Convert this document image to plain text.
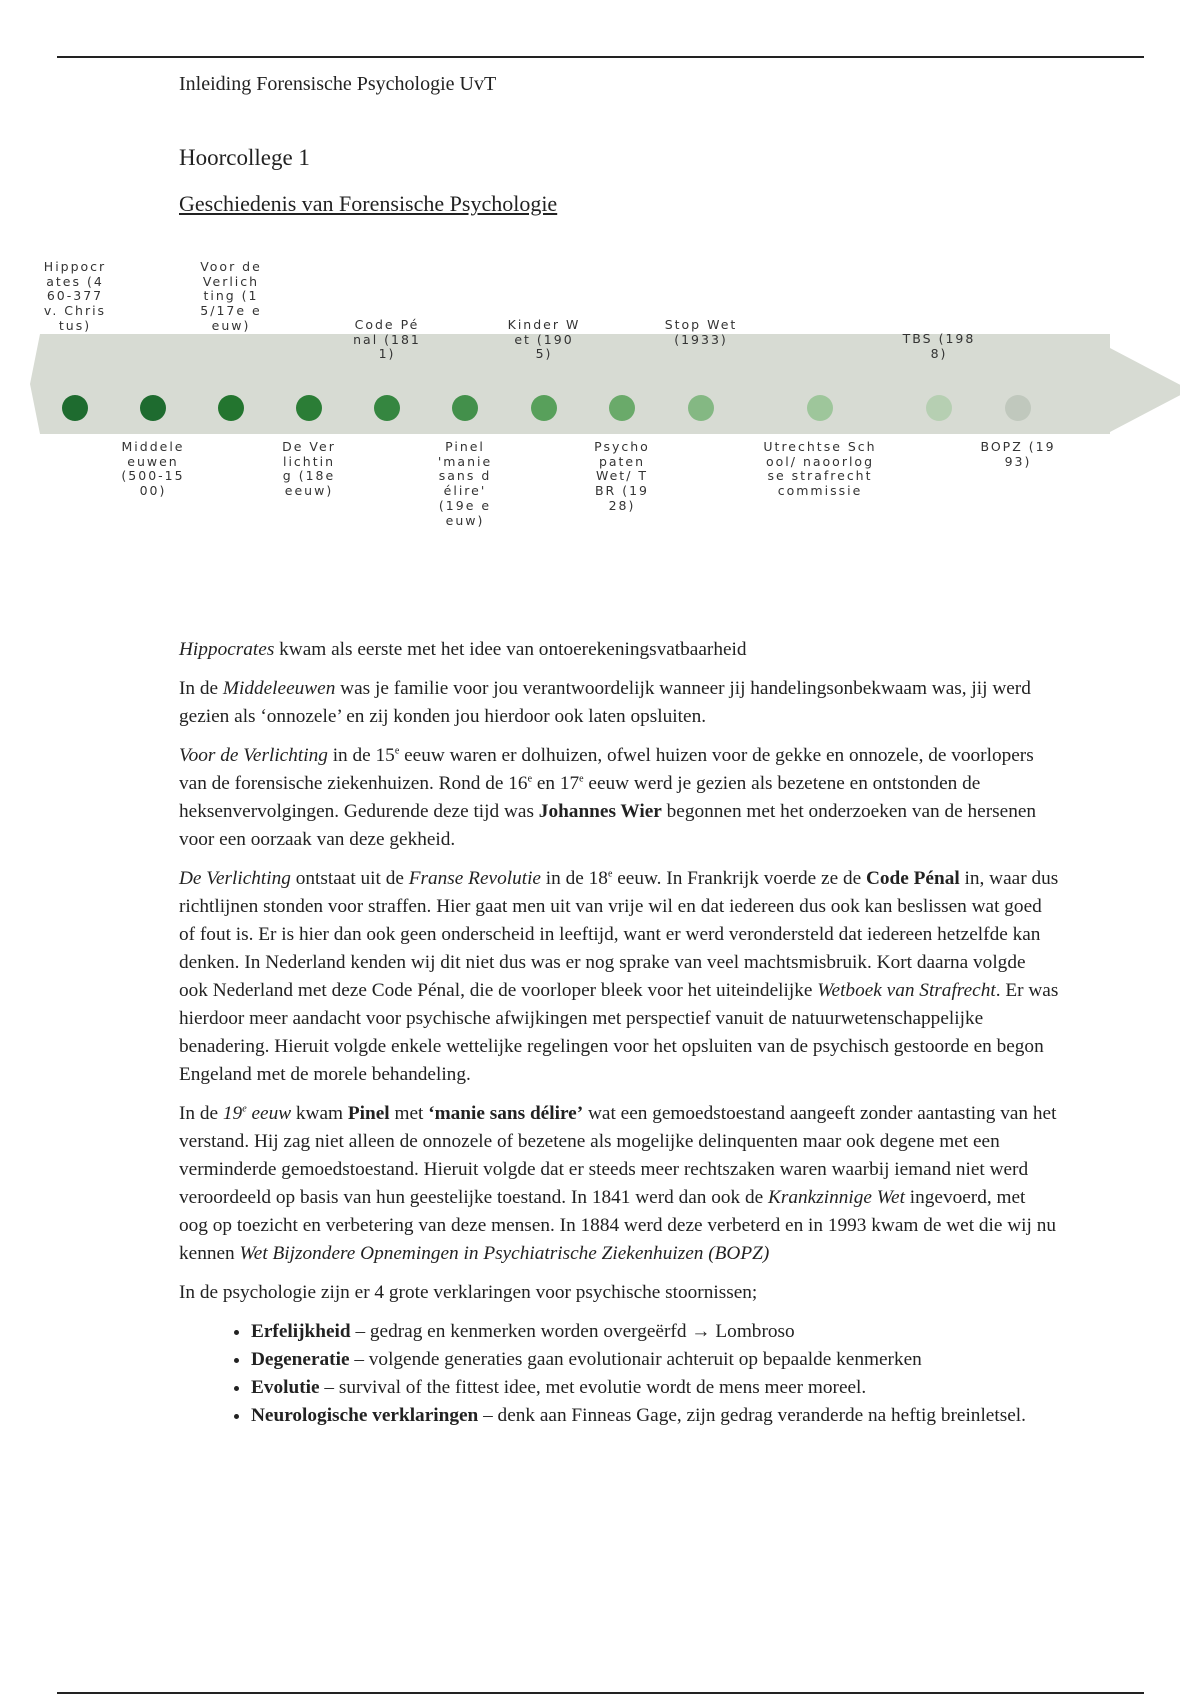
Inleiding Forensische Psychologie UvT
Hoorcollege 1
Geschiedenis van Forensische Psychologie
Hippocrates (460-377 v. Christus)
Voor de Verlichting (15/17e eeuw)	Code Pénal (1811)
Kinder Wet (1905)
Stop Wet (1933)	TBS (1988)
Middeleeuwen (500-1500)
De Verlichting (18e eeuw)
Pinel 'manie sans délire' (19e eeuw)
Psychopaten Wet/ TBR (1928)
Utrechtse School/ naoorlogse strafrecht commissie
BOPZ (1993)

Hippocrates kwam als eerste met het idee van ontoerekeningsvatbaarheid

In de Middeleeuwen was je familie voor jou verantwoordelijk wanneer jij handelingsonbekwaam was, jij werd gezien als ‘onnozele’ en zij konden jou hierdoor ook laten opsluiten.

Voor de Verlichting in de 15e eeuw waren er dolhuizen, ofwel huizen voor de gekke en onnozele, de voorlopers van de forensische ziekenhuizen. Rond de 16e en 17e eeuw werd je gezien als bezetene en ontstonden de heksenvervolgingen. Gedurende deze tijd was Johannes Wier begonnen met het onderzoeken van de hersenen voor een oorzaak van deze gekheid.

De Verlichting ontstaat uit de Franse Revolutie in de 18e eeuw. In Frankrijk voerde ze de Code Pénal in, waar dus richtlijnen stonden voor straffen. Hier gaat men uit van vrije wil en dat iedereen dus ook kan beslissen wat goed of fout is. Er is hier dan ook geen onderscheid in leeftijd, want er werd verondersteld dat iedereen hetzelfde kan denken. In Nederland kenden wij dit niet dus was er nog sprake van veel machtsmisbruik. Kort daarna volgde ook Nederland met deze Code Pénal, die de voorloper bleek voor het uiteindelijke Wetboek van Strafrecht. Er was hierdoor meer aandacht voor psychische afwijkingen met perspectief vanuit de natuurwetenschappelijke benadering. Hieruit volgde enkele wettelijke regelingen voor het opsluiten van de psychisch gestoorde en begon Engeland met de morele behandeling.

In de 19e eeuw kwam Pinel met ‘manie sans délire’ wat een gemoedstoestand aangeeft zonder aantasting van het verstand. Hij zag niet alleen de onnozele of bezetene als mogelijke delinquenten maar ook degene met een verminderde gemoedstoestand. Hieruit volgde dat er steeds meer rechtszaken waren waarbij iemand niet werd veroordeeld op basis van hun geestelijke toestand. In 1841 werd dan ook de Krankzinnige Wet ingevoerd, met oog op toezicht en verbetering van deze mensen. In 1884 werd deze verbeterd en in 1993 kwam de wet die wij nu kennen Wet Bijzondere Opnemingen in Psychiatrische Ziekenhuizen (BOPZ)

In de psychologie zijn er 4 grote verklaringen voor psychische stoornissen;

• Erfelijkheid – gedrag en kenmerken worden overgeërfd → Lombroso
• Degeneratie – volgende generaties gaan evolutionair achteruit op bepaalde kenmerken
• Evolutie – survival of the fittest idee, met evolutie wordt de mens meer moreel.
• Neurologische verklaringen – denk aan Finneas Gage, zijn gedrag veranderde na heftig breinletsel.
